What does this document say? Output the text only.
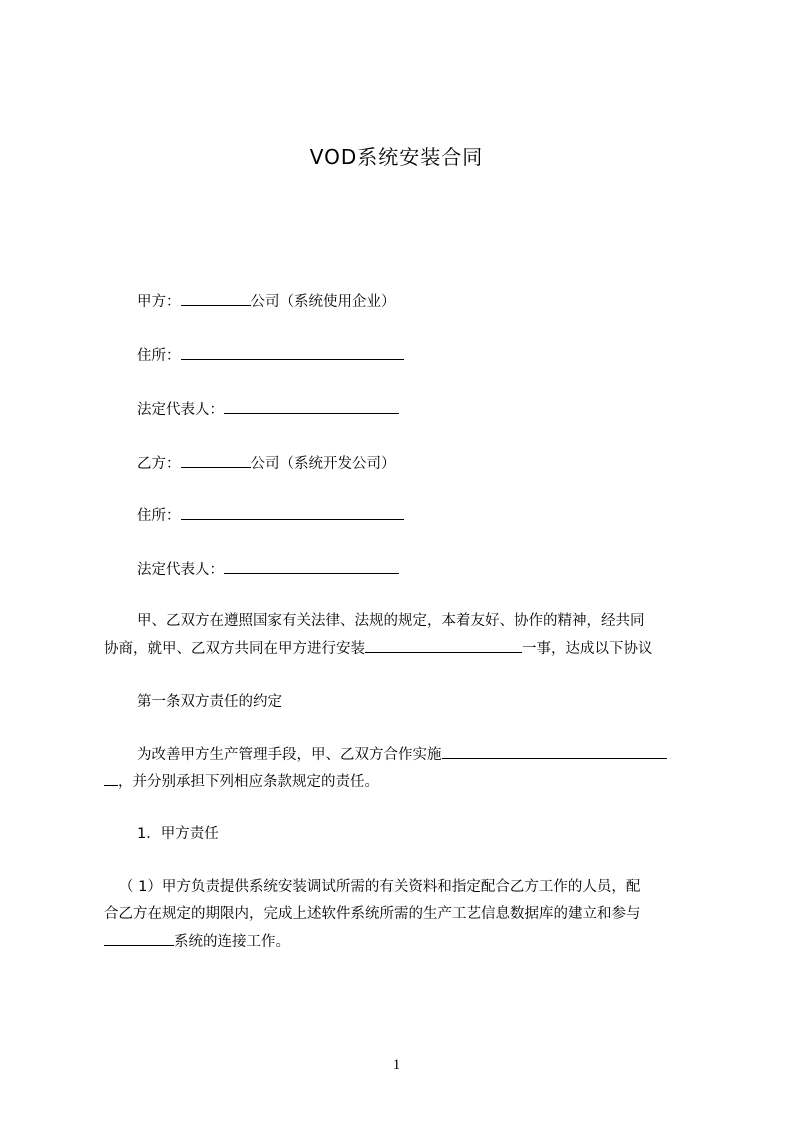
VOD系统安装合同
甲方：	公司（系统使用企业）
住所：
法定代表人：
乙方：	公司（系统开发公司）
住所：
法定代表人：
甲、乙双方在遵照国家有关法律、法规的规定，本着友好、协作的精神，经共同
协商，就甲、乙双方共同在甲方进行安装	一事，达成以下协议
第一条双方责任的约定
为改善甲方生产管理手段，甲、乙双方合作实施
，并分别承担下列相应条款规定的责任。
1．甲方责任
（ 1）甲方负责提供系统安装调试所需的有关资料和指定配合乙方工作的人员，配
合乙方在规定的期限内，完成上述软件系统所需的生产工艺信息数据库的建立和参与
系统的连接工作。
1
